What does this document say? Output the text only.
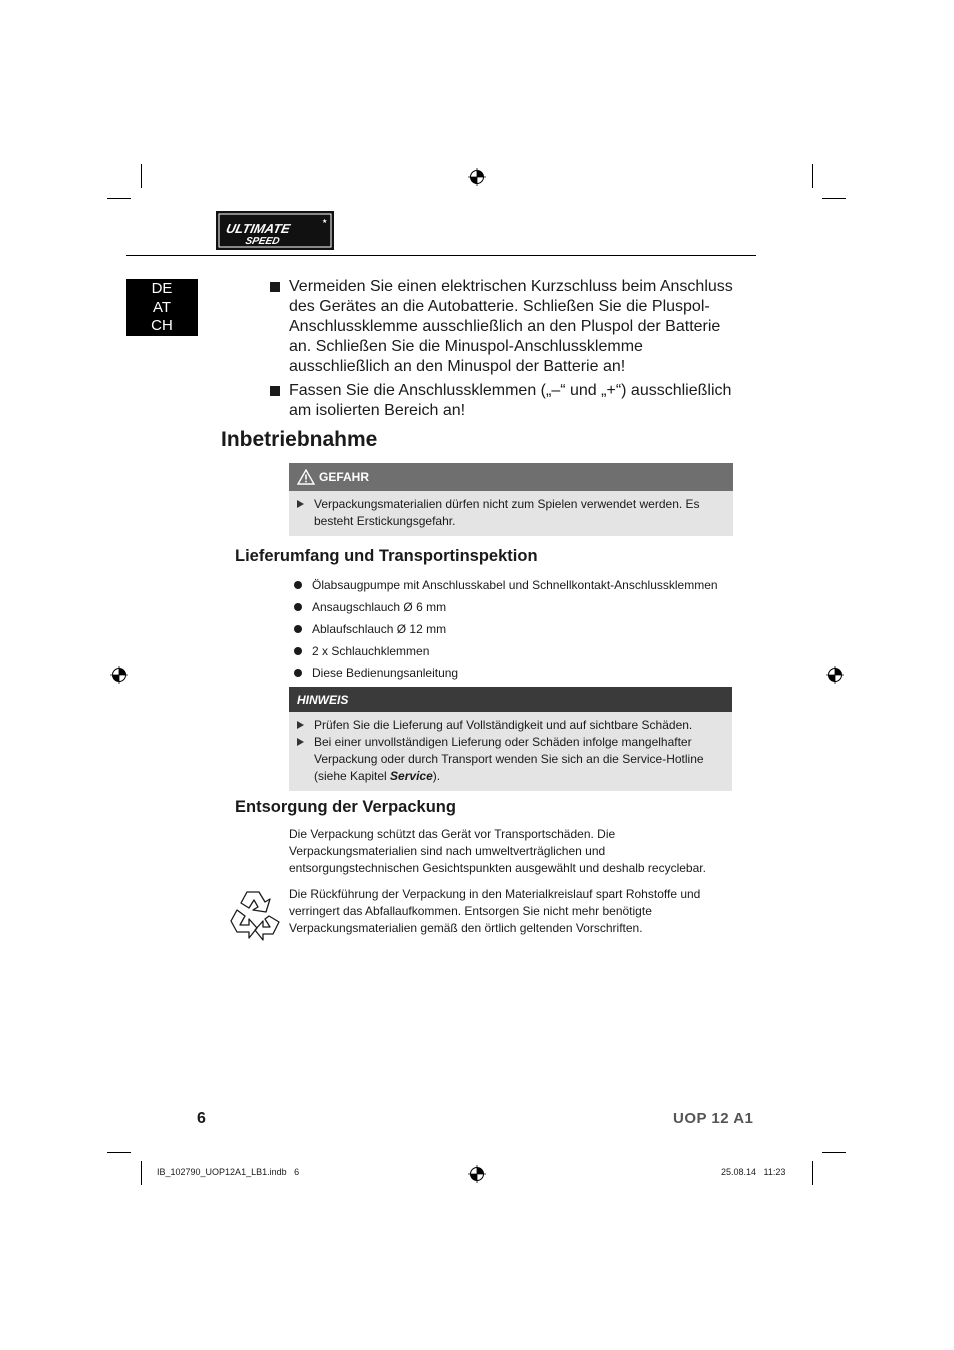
ULTIMATE
SPEED
★
DE
AT
CH
Vermeiden Sie einen elektrischen Kurzschluss beim Anschluss des Gerätes an die Autobatterie. Schließen Sie die Pluspol-Anschlussklemme ausschließlich an den Pluspol der Batterie an. Schließen Sie die Minuspol-Anschlussklemme ausschließlich an den Minuspol der Batterie an!
Fassen Sie die Anschlussklemmen („–“ und „+“) ausschließlich am isolierten Bereich an!
Inbetriebnahme
GEFAHR
Verpackungsmaterialien dürfen nicht zum Spielen verwendet werden. Es besteht Erstickungsgefahr.
Lieferumfang und Transportinspektion
Ölabsaugpumpe mit Anschlusskabel und Schnellkontakt-Anschlussklemmen
Ansaugschlauch Ø 6 mm
Ablaufschlauch Ø 12 mm
2 x Schlauchklemmen
Diese Bedienungsanleitung
HINWEIS
Prüfen Sie die Lieferung auf Vollständigkeit und auf sichtbare Schäden.
Bei einer unvollständigen Lieferung oder Schäden infolge mangelhafter Verpackung oder durch Transport wenden Sie sich an die Service-Hotline (siehe Kapitel Service).
Entsorgung der Verpackung
Die Verpackung schützt das Gerät vor Transportschäden. Die Verpackungsmaterialien sind nach umweltverträglichen und entsorgungstechnischen Gesichtspunkten ausgewählt und deshalb recyclebar.
Die Rückführung der Verpackung in den Materialkreislauf spart Rohstoffe und verringert das Abfallaufkommen. Entsorgen Sie nicht mehr benötigte Verpackungsmaterialien gemäß den örtlich geltenden Vorschriften.
6	UOP 12 A1
IB_102790_UOP12A1_LB1.indb   6	25.08.14   11:23
